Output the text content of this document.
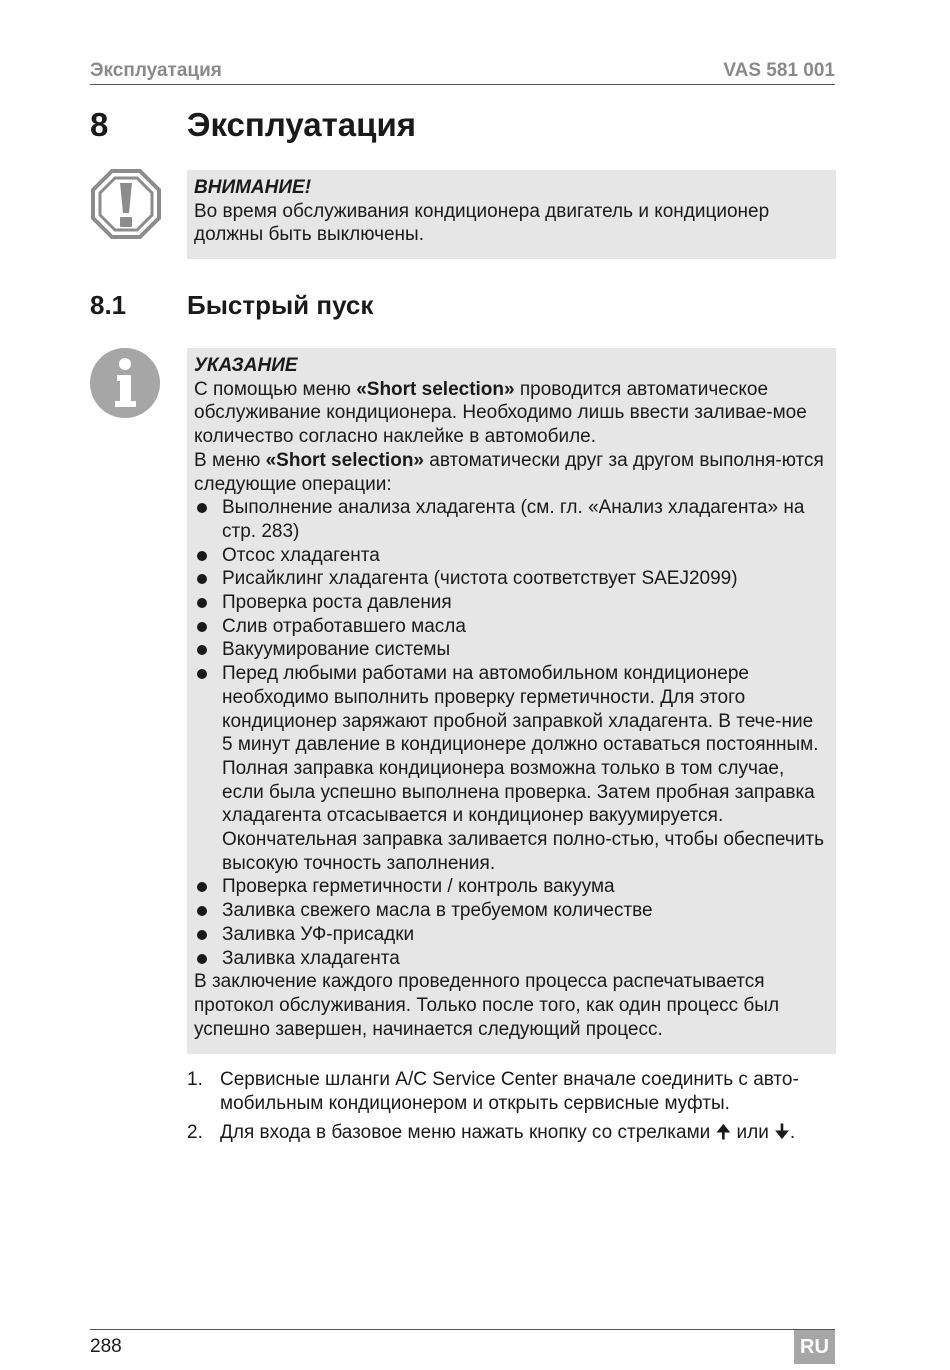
Эксплуатация	VAS 581 001
8 Эксплуатация
ВНИМАНИЕ!

Во время обслуживания кондиционера двигатель и кондиционер должны быть выключены.

8.1 Быстрый пуск
УКАЗАНИЕ

С помощью меню «Short selection» проводится автоматическое обслуживание кондиционера. Необходимо лишь ввести заливае-мое количество согласно наклейке в автомобиле.

В меню «Short selection» автоматически друг за другом выполня-ются следующие операции:

Выполнение анализа хладагента (см. гл. «Анализ хладагента» на стр. 283)
Отсос хладагента
Рисайклинг хладагента (чистота соответствует SAEJ2099)
Проверка роста давления
Слив отработавшего масла
Вакуумирование системы
Перед любыми работами на автомобильном кондиционере необходимо выполнить проверку герметичности. Для этого кондиционер заряжают пробной заправкой хладагента. В тече-ние 5 минут давление в кондиционере должно оставаться постоянным. Полная заправка кондиционера возможна только в том случае, если была успешно выполнена проверка. Затем пробная заправка хладагента отсасывается и кондиционер вакуумируется. Окончательная заправка заливается полно-стью, чтобы обеспечить высокую точность заполнения.
Проверка герметичности / контроль вакуума
Заливка свежего масла в требуемом количестве
Заливка УФ-присадки
Заливка хладагента

В заключение каждого проведенного процесса распечатывается протокол обслуживания. Только после того, как один процесс был успешно завершен, начинается следующий процесс.

1. Сервисные шланги A/C Service Center вначале соединить с авто-мобильным кондиционером и открыть сервисные муфты.
2. Для входа в базовое меню нажать кнопку со стрелками 🠉 или 🠋.
288	RU
